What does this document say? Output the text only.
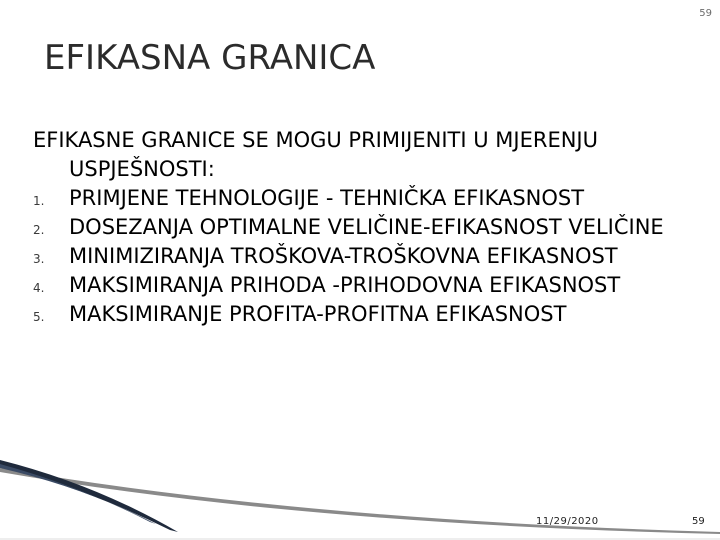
59
EFIKASNA GRANICA

EFIKASNE GRANICE SE MOGU PRIMIJENITI U MJERENJU USPJEŠNOSTI:

1. PRIMJENE TEHNOLOGIJE - TEHNIČKA EFIKASNOST
2. DOSEZANJA OPTIMALNE VELIČINE-EFIKASNOST VELIČINE
3. MINIMIZIRANJA TROŠKOVA-TROŠKOVNA EFIKASNOST
4. MAKSIMIRANJA PRIHODA -PRIHODOVNA EFIKASNOST
5. MAKSIMIRANJE PROFITA-PROFITNA EFIKASNOST
11/29/2020	59
